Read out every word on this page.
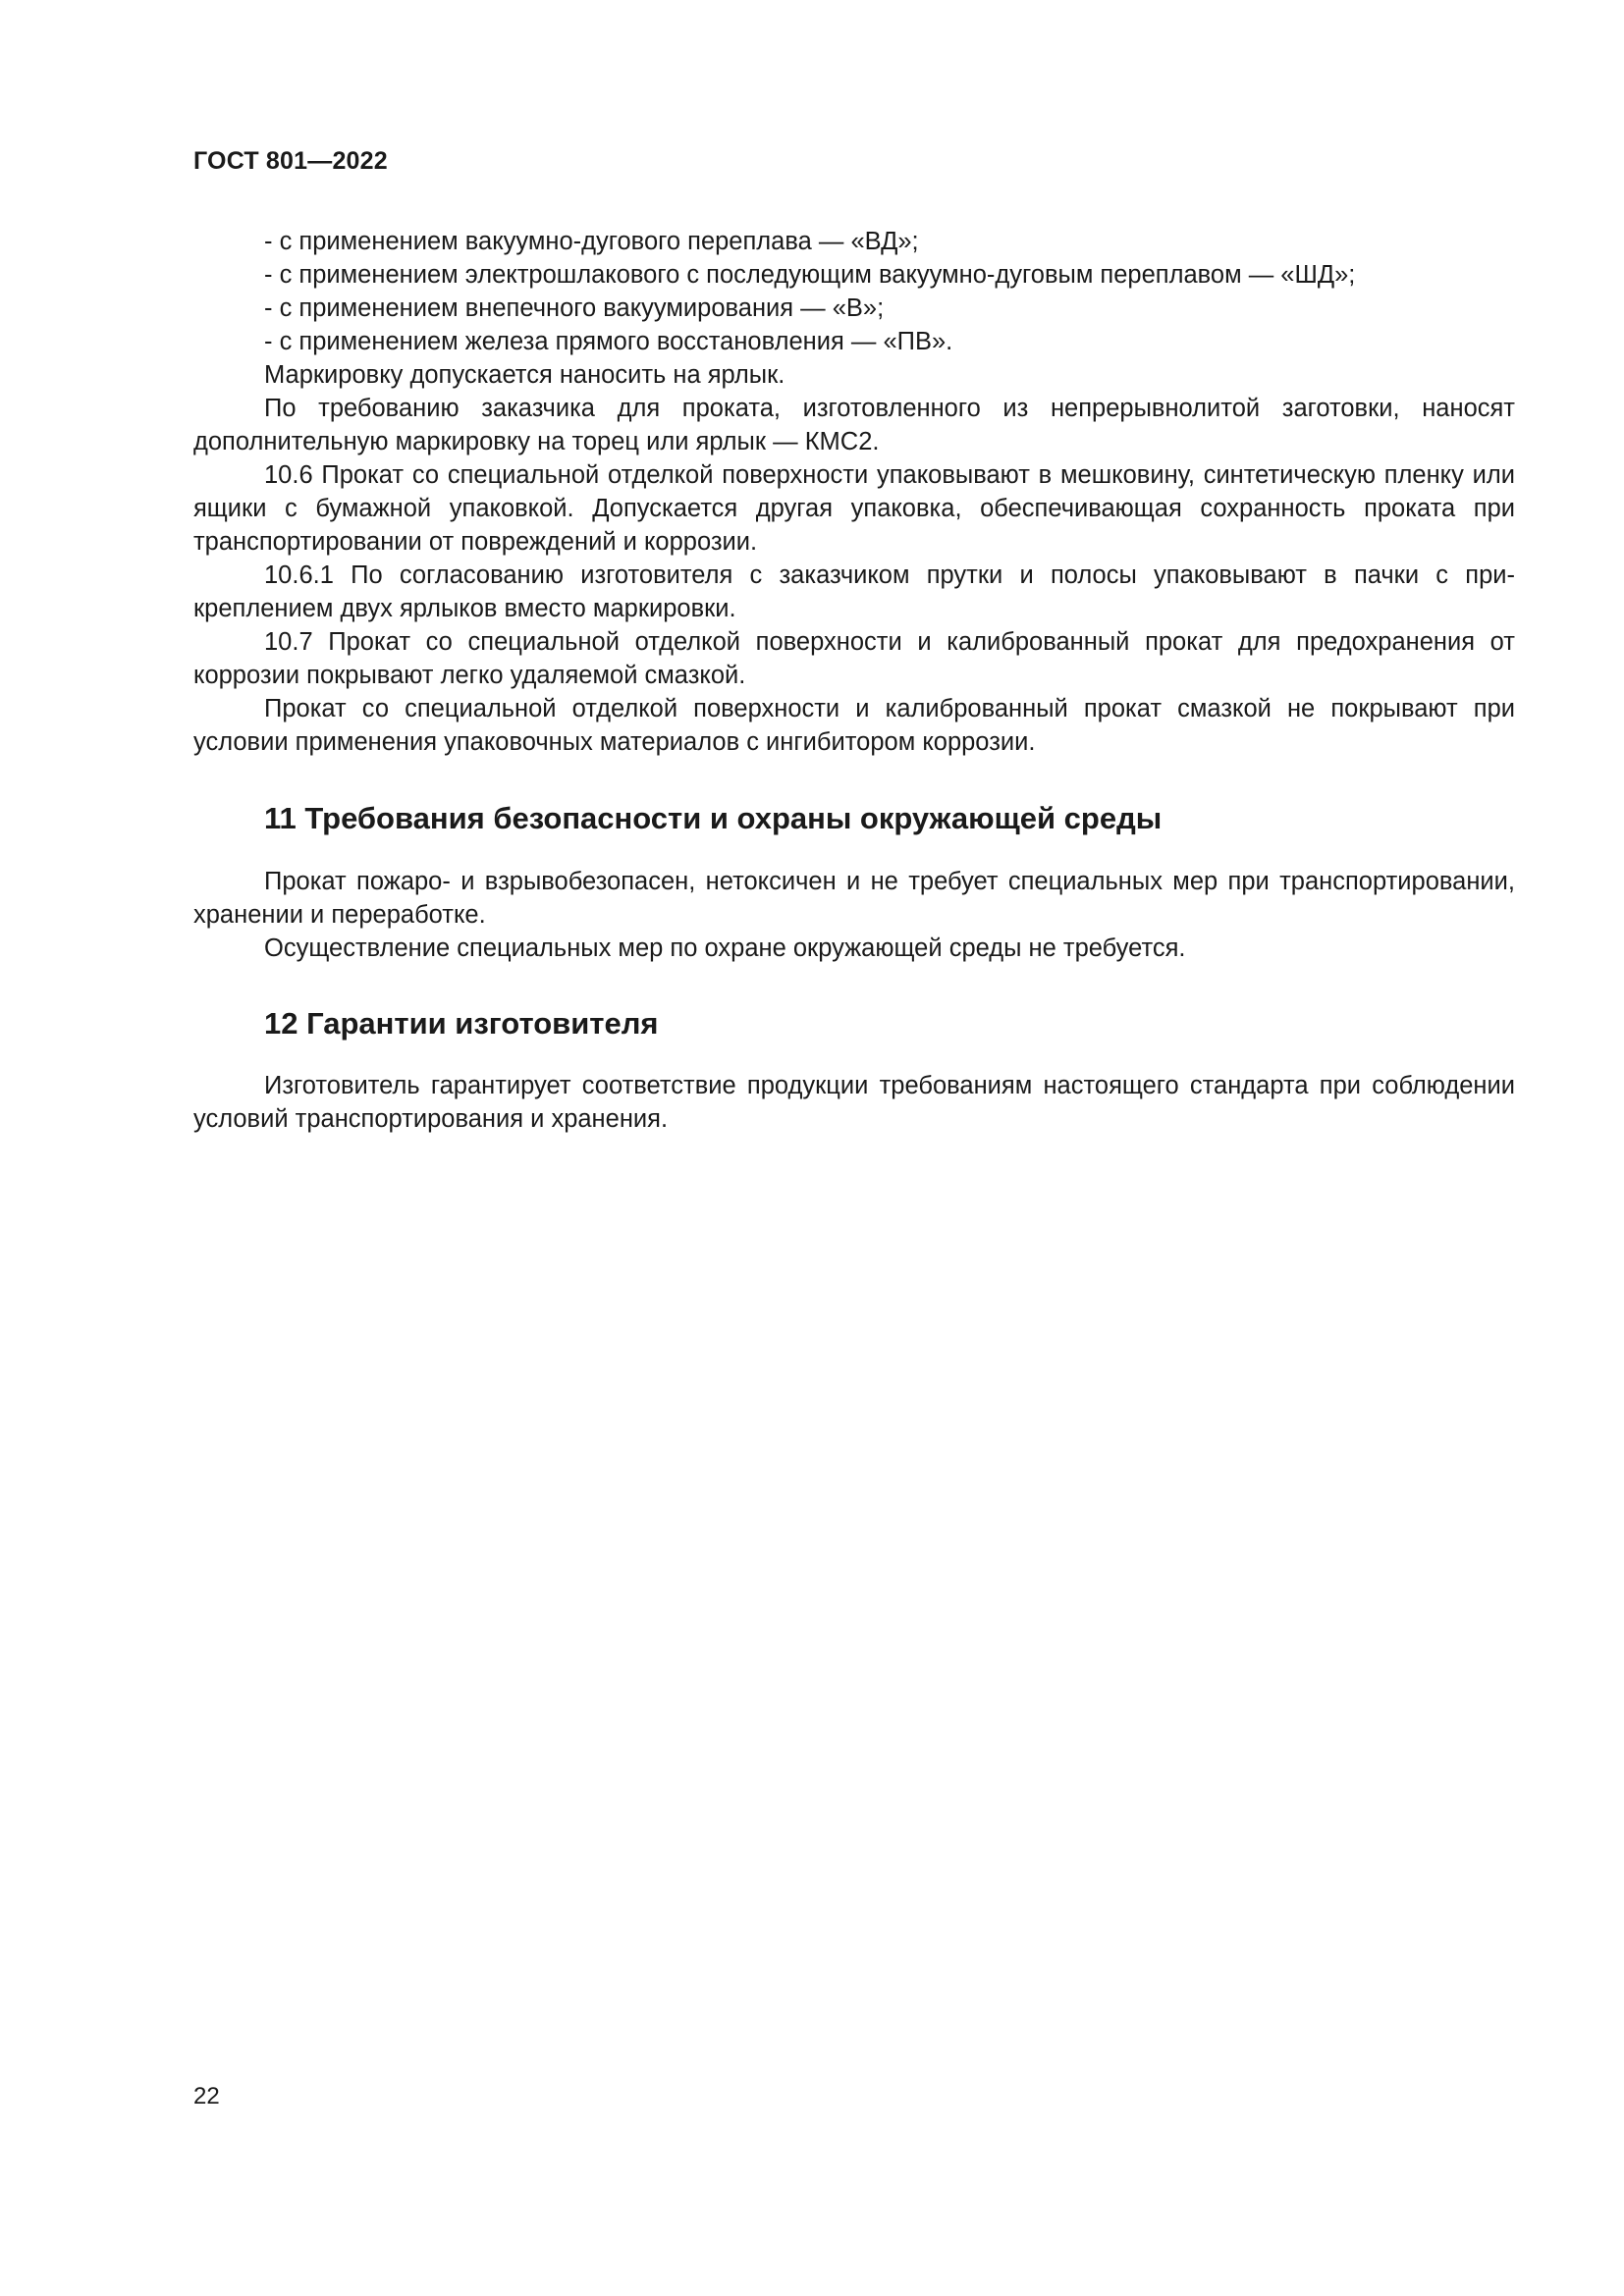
ГОСТ 801—2022

- с применением вакуумно-дугового переплава — «ВД»;

- с применением электрошлакового с последующим вакуумно-дуговым переплавом — «ШД»;

- с применением внепечного вакуумирования — «В»;

- с применением железа прямого восстановления — «ПВ».

Маркировку допускается наносить на ярлык.

По требованию заказчика для проката, изготовленного из непрерывнолитой заготовки, наносят дополнительную маркировку на торец или ярлык — КМС2.

10.6 Прокат со специальной отделкой поверхности упаковывают в мешковину, синтетическую пленку или ящики с бумажной упаковкой. Допускается другая упаковка, обеспечивающая сохранность проката при транспортировании от повреждений и коррозии.

10.6.1 По согласованию изготовителя с заказчиком прутки и полосы упаковывают в пачки с прикреплением двух ярлыков вместо маркировки.

10.7 Прокат со специальной отделкой поверхности и калиброванный прокат для предохранения от коррозии покрывают легко удаляемой смазкой.

Прокат со специальной отделкой поверхности и калиброванный прокат смазкой не покрывают при условии применения упаковочных материалов с ингибитором коррозии.

11 Требования безопасности и охраны окружающей среды

Прокат пожаро- и взрывобезопасен, нетоксичен и не требует специальных мер при транспортировании, хранении и переработке.

Осуществление специальных мер по охране окружающей среды не требуется.

12 Гарантии изготовителя

Изготовитель гарантирует соответствие продукции требованиям настоящего стандарта при соблюдении условий транспортирования и хранения.

22
